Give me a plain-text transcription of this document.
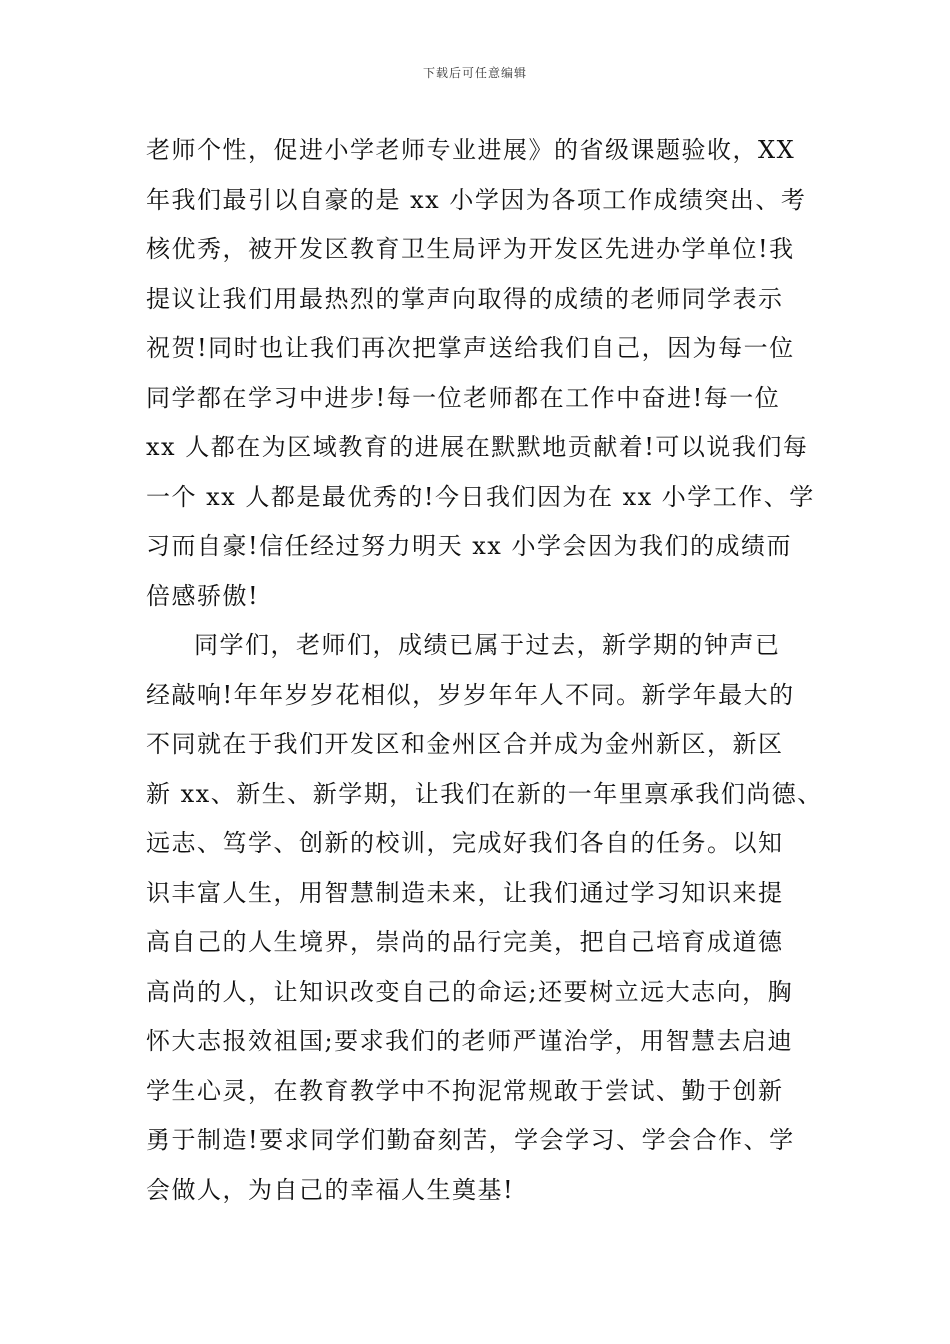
下载后可任意编辑
老师个性，促进小学老师专业进展》的省级课题验收，XX
年我们最引以自豪的是 xx 小学因为各项工作成绩突出、考
核优秀，被开发区教育卫生局评为开发区先进办学单位!我
提议让我们用最热烈的掌声向取得的成绩的老师同学表示
祝贺!同时也让我们再次把掌声送给我们自己，因为每一位
同学都在学习中进步!每一位老师都在工作中奋进!每一位
xx 人都在为区域教育的进展在默默地贡献着!可以说我们每
一个 xx 人都是最优秀的!今日我们因为在 xx 小学工作、学
习而自豪!信任经过努力明天 xx 小学会因为我们的成绩而
倍感骄傲!
同学们，老师们，成绩已属于过去，新学期的钟声已
经敲响!年年岁岁花相似，岁岁年年人不同。新学年最大的
不同就在于我们开发区和金州区合并成为金州新区，新区
新 xx、新生、新学期，让我们在新的一年里禀承我们尚德、
远志、笃学、创新的校训，完成好我们各自的任务。以知
识丰富人生，用智慧制造未来，让我们通过学习知识来提
高自己的人生境界，崇尚的品行完美，把自己培育成道德
高尚的人，让知识改变自己的命运;还要树立远大志向，胸
怀大志报效祖国;要求我们的老师严谨治学，用智慧去启迪
学生心灵，在教育教学中不拘泥常规敢于尝试、勤于创新
勇于制造!要求同学们勤奋刻苦，学会学习、学会合作、学
会做人，为自己的幸福人生奠基!
